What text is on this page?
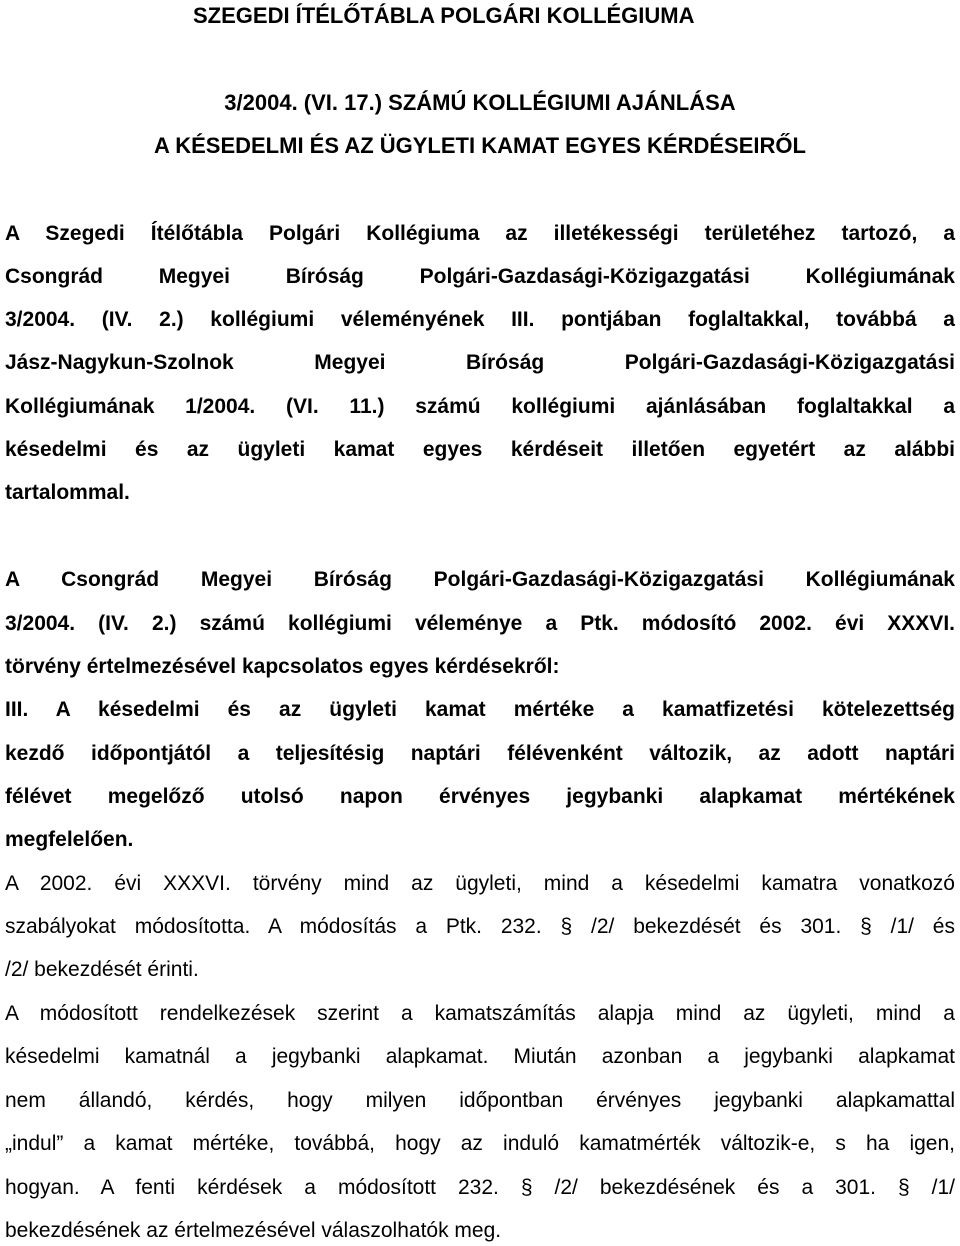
SZEGEDI ÍTÉLŐTÁBLA POLGÁRI KOLLÉGIUMA
3/2004. (VI. 17.) SZÁMÚ KOLLÉGIUMI AJÁNLÁSA
A KÉSEDELMI ÉS AZ ÜGYLETI KAMAT EGYES KÉRDÉSEIRŐL
A Szegedi Ítélőtábla Polgári Kollégiuma az illetékességi területéhez tartozó, a
Csongrád Megyei Bíróság Polgári-Gazdasági-Közigazgatási Kollégiumának
3/2004. (IV. 2.) kollégiumi véleményének III. pontjában foglaltakkal, továbbá a
Jász-Nagykun-Szolnok Megyei Bíróság Polgári-Gazdasági-Közigazgatási
Kollégiumának 1/2004. (VI. 11.) számú kollégiumi ajánlásában foglaltakkal a
késedelmi és az ügyleti kamat egyes kérdéseit illetően egyetért az alábbi
tartalommal.
A Csongrád Megyei Bíróság Polgári-Gazdasági-Közigazgatási Kollégiumának
3/2004. (IV. 2.) számú kollégiumi véleménye a Ptk. módosító 2002. évi XXXVI.
törvény értelmezésével kapcsolatos egyes kérdésekről:
III. A késedelmi és az ügyleti kamat mértéke a kamatfizetési kötelezettség
kezdő időpontjától a teljesítésig naptári félévenként változik, az adott naptári
félévet megelőző utolsó napon érvényes jegybanki alapkamat mértékének
megfelelően.
A 2002. évi XXXVI. törvény mind az ügyleti, mind a késedelmi kamatra vonatkozó
szabályokat módosította. A módosítás a Ptk. 232. § /2/ bekezdését és 301. § /1/ és
/2/ bekezdését érinti.
A módosított rendelkezések szerint a kamatszámítás alapja mind az ügyleti, mind a
késedelmi kamatnál a jegybanki alapkamat. Miután azonban a jegybanki alapkamat
nem állandó, kérdés, hogy milyen időpontban érvényes jegybanki alapkamattal
„indul” a kamat mértéke, továbbá, hogy az induló kamatmérték változik-e, s ha igen,
hogyan. A fenti kérdések a módosított 232. § /2/ bekezdésének és a 301. § /1/
bekezdésének az értelmezésével válaszolhatók meg.
